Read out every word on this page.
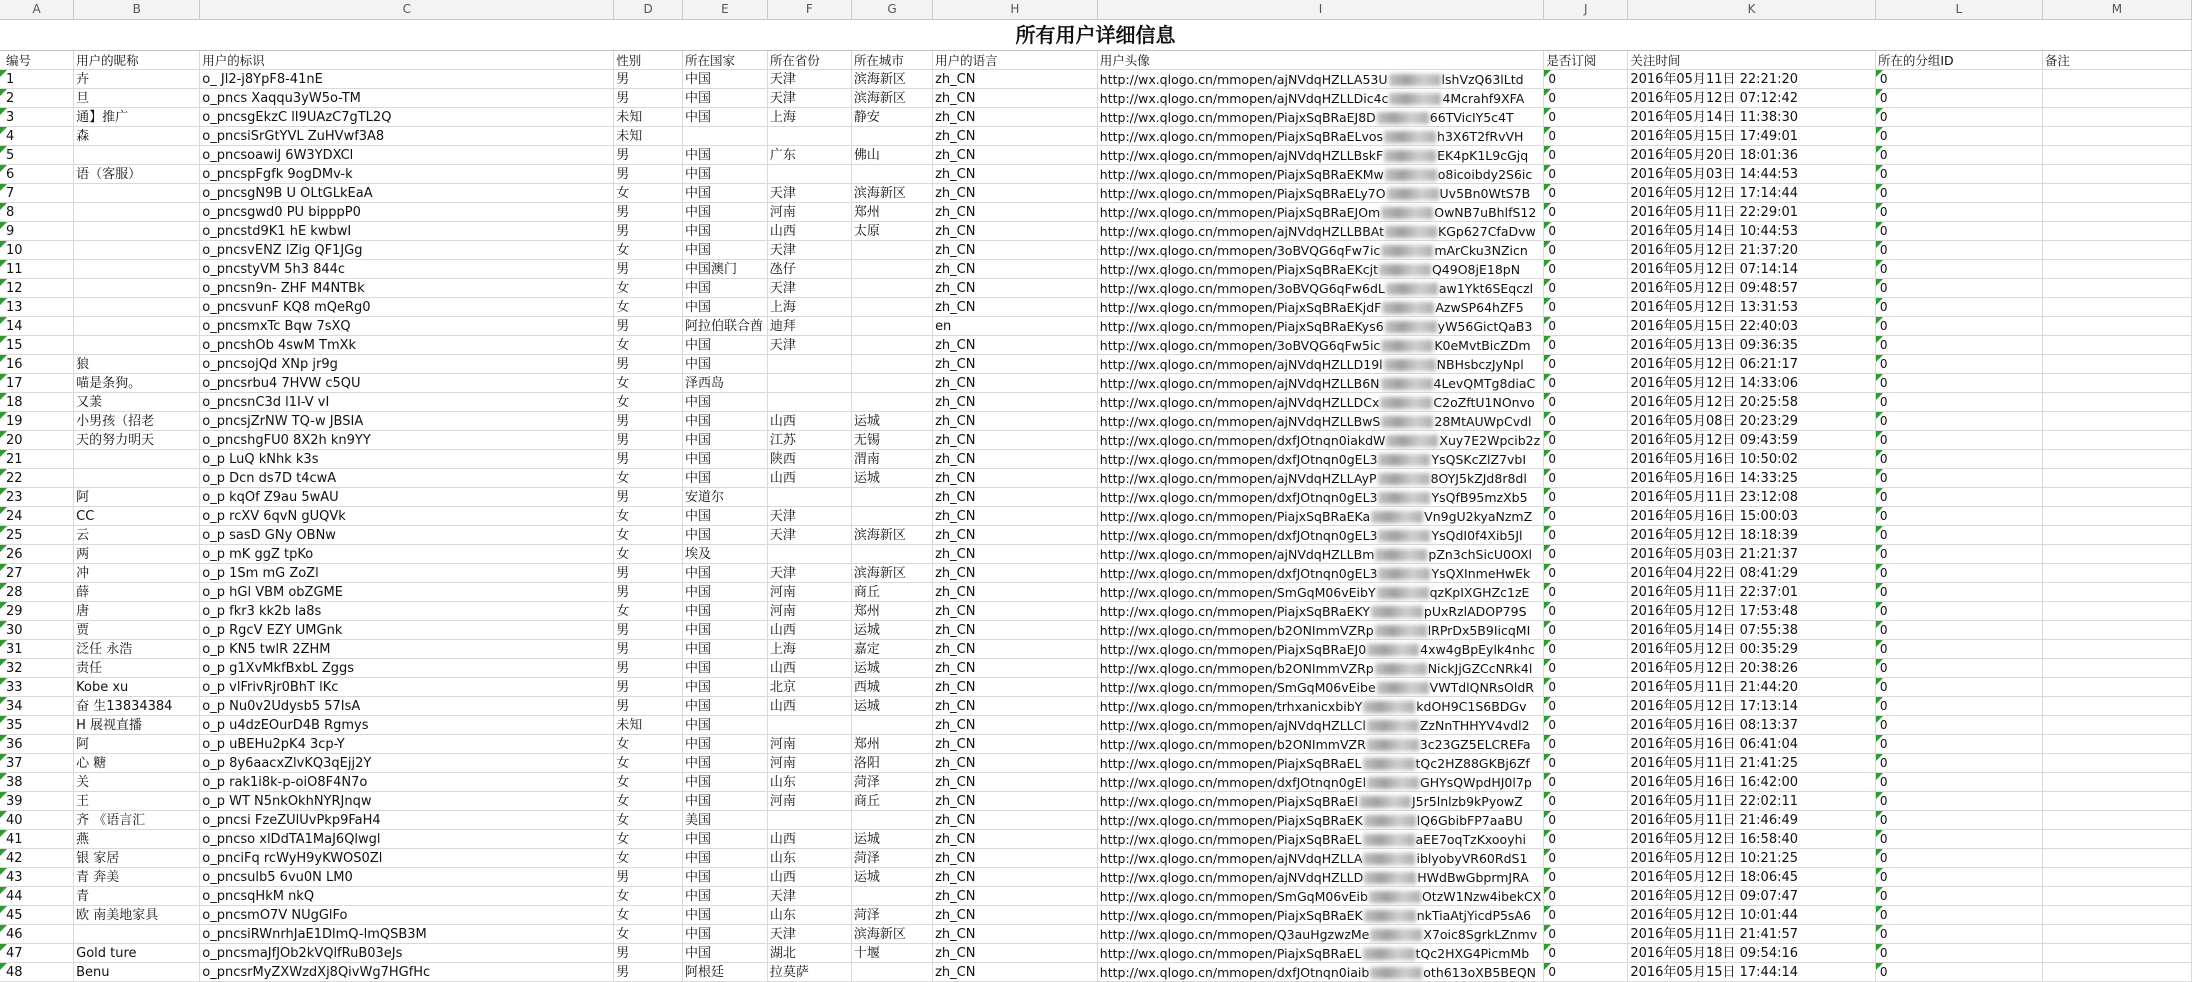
A	B	C	D	E	F	G	H	I	J	K	L	M
所有用户详细信息												
编号	用户的昵称	用户的标识	性别	所在国家	所在省份	所在城市	用户的语言	用户头像	是否订阅	关注时间	所在的分组ID	备注
1	卉	o_ Jl2-j8YpF8-41nE	男	中国	天津	滨海新区	zh_CN	http://wx.qlogo.cn/mmopen/ajNVdqHZLLA53U lshVzQ63lLtd	0	2016年05月11日 22:21:20	0	
2	旦	o_pncs Xaqqu3yW5o-TM	男	中国	天津	滨海新区	zh_CN	http://wx.qlogo.cn/mmopen/ajNVdqHZLLDic4c 4Mcrahf9XFA	0	2016年05月12日 07:12:42	0	
3	通】推广	o_pncsgEkzC lI9UAzC7gTL2Q	未知	中国	上海	静安	zh_CN	http://wx.qlogo.cn/mmopen/PiajxSqBRaEJ8D 66TVicIY5c4T	0	2016年05月14日 11:38:30	0	
4	森	o_pncsiSrGtYVL ZuHVwf3A8	未知				zh_CN	http://wx.qlogo.cn/mmopen/PiajxSqBRaELvos h3X6T2fRvVH	0	2016年05月15日 17:49:01	0	
5		o_pncsoawiJ 6W3YDXCl	男	中国	广东	佛山	zh_CN	http://wx.qlogo.cn/mmopen/ajNVdqHZLLBskF EK4pK1L9cGjq	0	2016年05月20日 18:01:36	0	
6	语（客服）	o_pncspFgfk 9ogDMv-k	男	中国			zh_CN	http://wx.qlogo.cn/mmopen/PiajxSqBRaEKMw o8icoibdy2S6ic	0	2016年05月03日 14:44:53	0	
7		o_pncsgN9B U OLtGLkEaA	女	中国	天津	滨海新区	zh_CN	http://wx.qlogo.cn/mmopen/PiajxSqBRaELy7O Uv5Bn0WtS7B	0	2016年05月12日 17:14:44	0	
8		o_pncsgwd0 PU bipppP0	男	中国	河南	郑州	zh_CN	http://wx.qlogo.cn/mmopen/PiajxSqBRaEJOm OwNB7uBhlfS12	0	2016年05月11日 22:29:01	0	
9		o_pncstd9K1 hE kwbwI	男	中国	山西	太原	zh_CN	http://wx.qlogo.cn/mmopen/ajNVdqHZLLBBAt KGp627CfaDvw	0	2016年05月14日 10:44:53	0	
10		o_pncsvENZ lZig QF1JGg	女	中国	天津		zh_CN	http://wx.qlogo.cn/mmopen/3oBVQG6qFw7ic mArCku3NZicn	0	2016年05月12日 21:37:20	0	
11		o_pncstyVM 5h3 844c	男	中国澳门	氹仔		zh_CN	http://wx.qlogo.cn/mmopen/PiajxSqBRaEKcjt Q49O8jE18pN	0	2016年05月12日 07:14:14	0	
12		o_pncsn9n- ZHF M4NTBk	女	中国	天津		zh_CN	http://wx.qlogo.cn/mmopen/3oBVQG6qFw6dL aw1Ykt6SEqczl	0	2016年05月12日 09:48:57	0	
13		o_pncsvunF KQ8 mQeRg0	女	中国	上海		zh_CN	http://wx.qlogo.cn/mmopen/PiajxSqBRaEKjdF AzwSP64hZF5	0	2016年05月12日 13:31:53	0	
14		o_pncsmxTc Bqw 7sXQ	男	阿拉伯联合酋	迪拜		en	http://wx.qlogo.cn/mmopen/PiajxSqBRaEKys6 yW56GictQaB3	0	2016年05月15日 22:40:03	0	
15		o_pncshOb 4swM TmXk	女	中国	天津		zh_CN	http://wx.qlogo.cn/mmopen/3oBVQG6qFw5ic K0eMvtBicZDm	0	2016年05月13日 09:36:35	0	
16	狼	o_pncsojQd XNp jr9g	男	中国			zh_CN	http://wx.qlogo.cn/mmopen/ajNVdqHZLLD19l NBHsbczJyNpl	0	2016年05月12日 06:21:17	0	
17	喵是条狗。	o_pncsrbu4 7HVW c5QU	女	泽西岛			zh_CN	http://wx.qlogo.cn/mmopen/ajNVdqHZLLB6N 4LevQMTg8diaC	0	2016年05月12日 14:33:06	0	
18	又羕	o_pncsnC3d l1I-V vI	女	中国			zh_CN	http://wx.qlogo.cn/mmopen/ajNVdqHZLLDCx C2oZftU1NOnvo	0	2016年05月12日 20:25:58	0	
19	小男孩（招老	o_pncsjZrNW TQ-w JBSIA	男	中国	山西	运城	zh_CN	http://wx.qlogo.cn/mmopen/ajNVdqHZLLBwS 28MtAUWpCvdl	0	2016年05月08日 20:23:29	0	
20	天的努力明天	o_pncshgFU0 8X2h kn9YY	男	中国	江苏	无锡	zh_CN	http://wx.qlogo.cn/mmopen/dxfJOtnqn0iakdW Xuy7E2Wpcib2z	0	2016年05月12日 09:43:59	0	
21		o_p LuQ kNhk k3s	男	中国	陕西	渭南	zh_CN	http://wx.qlogo.cn/mmopen/dxfJOtnqn0gEL3 YsQSKcZlZ7vbI	0	2016年05月16日 10:50:02	0	
22		o_p Dcn ds7D t4cwA	女	中国	山西	运城	zh_CN	http://wx.qlogo.cn/mmopen/ajNVdqHZLLAyP 8OYJ5kZJd8r8dl	0	2016年05月16日 14:33:25	0	
23	阿	o_p kqOf Z9au 5wAU	男	安道尔			zh_CN	http://wx.qlogo.cn/mmopen/dxfJOtnqn0gEL3 YsQfB95mzXb5	0	2016年05月11日 23:12:08	0	
24	CC	o_p rcXV 6qvN gUQVk	女	中国	天津		zh_CN	http://wx.qlogo.cn/mmopen/PiajxSqBRaEKa Vn9gU2kyaNzmZ	0	2016年05月16日 15:00:03	0	
25	云	o_p sasD GNy OBNw	女	中国	天津	滨海新区	zh_CN	http://wx.qlogo.cn/mmopen/dxfJOtnqn0gEL3 YsQdI0f4Xib5Jl	0	2016年05月12日 18:18:39	0	
26	两	o_p mK ggZ tpKo	女	埃及			zh_CN	http://wx.qlogo.cn/mmopen/ajNVdqHZLLBm pZn3chSicU0OXl	0	2016年05月03日 21:21:37	0	
27	冲	o_p 1Sm mG ZoZl	男	中国	天津	滨海新区	zh_CN	http://wx.qlogo.cn/mmopen/dxfJOtnqn0gEL3 YsQXInmeHwEk	0	2016年04月22日 08:41:29	0	
28	薛	o_p hGl VBM obZGME	男	中国	河南	商丘	zh_CN	http://wx.qlogo.cn/mmopen/SmGqM06vEibY qzKpIXGHZc1zE	0	2016年05月11日 22:37:01	0	
29	唐	o_p fkr3 kk2b la8s	女	中国	河南	郑州	zh_CN	http://wx.qlogo.cn/mmopen/PiajxSqBRaEKY pUxRzlADOP79S	0	2016年05月12日 17:53:48	0	
30	贾	o_p RgcV EZY UMGnk	男	中国	山西	运城	zh_CN	http://wx.qlogo.cn/mmopen/b2ONImmVZRp lRPrDx5B9IicqMI	0	2016年05月14日 07:55:38	0	
31	泛任 永浩	o_p KN5 twlR 2ZHM	男	中国	上海	嘉定	zh_CN	http://wx.qlogo.cn/mmopen/PiajxSqBRaEJ0 4xw4gBpEylk4nhc	0	2016年05月12日 00:35:29	0	
32	责任	o_p g1XvMkfBxbL Zggs	男	中国	山西	运城	zh_CN	http://wx.qlogo.cn/mmopen/b2ONImmVZRp NickJjGZCcNRk4l	0	2016年05月12日 20:38:26	0	
33	Kobe xu	o_p vlFrivRjr0BhT lKc	男	中国	北京	西城	zh_CN	http://wx.qlogo.cn/mmopen/SmGqM06vEibe VWTdlQNRsOldR	0	2016年05月11日 21:44:20	0	
34	奋 生13834384	o_p Nu0v2Udysb5 57IsA	男	中国	山西	运城	zh_CN	http://wx.qlogo.cn/mmopen/trhxanicxbibY kdOH9C1S6BDGv	0	2016年05月12日 17:13:14	0	
35	H 展视直播	o_p u4dzEOurD4B Rgmys	未知	中国			zh_CN	http://wx.qlogo.cn/mmopen/ajNVdqHZLLCl ZzNnTHHYV4vdl2	0	2016年05月16日 08:13:37	0	
36	阿	o_p uBEHu2pK4 3cp-Y	女	中国	河南	郑州	zh_CN	http://wx.qlogo.cn/mmopen/b2ONImmVZR 3c23GZ5ELCREFa	0	2016年05月16日 06:41:04	0	
37	心 糖	o_p 8y6aacxZlvKQ3qEjj2Y	女	中国	河南	洛阳	zh_CN	http://wx.qlogo.cn/mmopen/PiajxSqBRaEL tQc2HZ88GKBj6Zf	0	2016年05月11日 21:41:25	0	
38	关	o_p rak1i8k-p-oiO8F4N7o	女	中国	山东	菏泽	zh_CN	http://wx.qlogo.cn/mmopen/dxfJOtnqn0gEl GHYsQWpdHJ0l7p	0	2016年05月16日 16:42:00	0	
39	王	o_p WT N5nkOkhNYRJnqw	女	中国	河南	商丘	zh_CN	http://wx.qlogo.cn/mmopen/PiajxSqBRaEl J5r5lnlzb9kPyowZ	0	2016年05月11日 22:02:11	0	
40	齐 《语言汇	o_pncsi FzeZUlUvPkp9FaH4	女	美国			zh_CN	http://wx.qlogo.cn/mmopen/PiajxSqBRaEK lQ6GbibFP7aaBU	0	2016年05月11日 21:46:49	0	
41	燕	o_pncso xlDdTA1MaJ6Qlwgl	女	中国	山西	运城	zh_CN	http://wx.qlogo.cn/mmopen/PiajxSqBRaEL aEE7oqTzKxooyhi	0	2016年05月12日 16:58:40	0	
42	银 家居	o_pnciFq rcWyH9yKWOS0Zl	女	中国	山东	菏泽	zh_CN	http://wx.qlogo.cn/mmopen/ajNVdqHZLLA iblyobyVR60RdS1	0	2016年05月12日 10:21:25	0	
43	青 奔美	o_pncsulb5 6vu0N LM0	男	中国	山西	运城	zh_CN	http://wx.qlogo.cn/mmopen/ajNVdqHZLLD HWdBwGbprmJRA	0	2016年05月12日 18:06:45	0	
44	青	o_pncsqHkM nkQ	女	中国	天津		zh_CN	http://wx.qlogo.cn/mmopen/SmGqM06vEib OtzW1Nzw4ibekCX	0	2016年05月12日 09:07:47	0	
45	欧 南美地家具	o_pncsmO7V NUgGlFo	女	中国	山东	菏泽	zh_CN	http://wx.qlogo.cn/mmopen/PiajxSqBRaEK nkTiaAtjYicdP5sA6	0	2016年05月12日 10:01:44	0	
46		o_pncsiRWnrhJaE1DlmQ-lmQSB3M	女	中国	天津	滨海新区	zh_CN	http://wx.qlogo.cn/mmopen/Q3auHgzwzMe X7oic8SgrkLZnmv	0	2016年05月11日 21:41:57	0	
47	Gold ture	o_pncsmaJfJOb2kVQlfRuB03eJs	男	中国	湖北	十堰	zh_CN	http://wx.qlogo.cn/mmopen/PiajxSqBRaEL tQc2HXG4PicmMb	0	2016年05月18日 09:54:16	0	
48	Benu	o_pncsrMyZXWzdXj8QivWg7HGfHc	男	阿根廷	拉莫萨		zh_CN	http://wx.qlogo.cn/mmopen/dxfJOtnqn0iaib oth613oXB5BEQN	0	2016年05月15日 17:44:14	0	
